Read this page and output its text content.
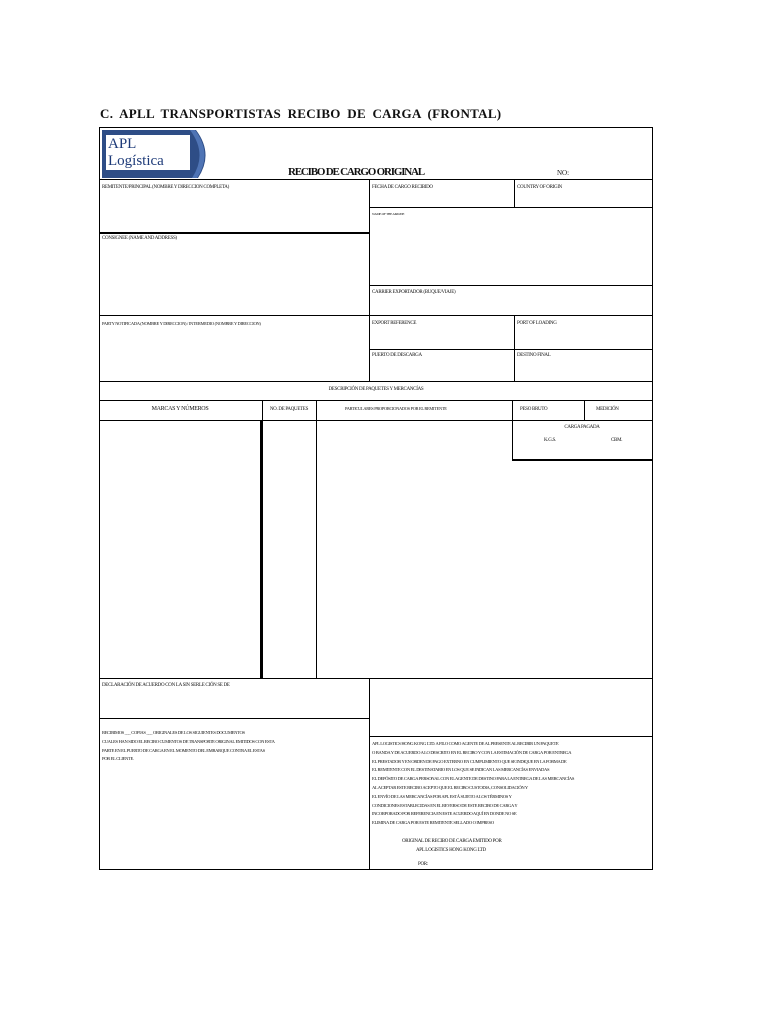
C. APLL TRANSPORTISTAS RECIBO DE CARGA (FRONTAL)
APL
Logística
RECIBO DE CARGO ORIGINAL	NO:
REMITENTE/PRINCIPAL (NOMBRE Y DIRECCION COMPLETA)	FECHA DE CARGO RECIBIDO	COUNTRY OF ORIGIN
NAME OF THE AIRLINE
CONSIGNEE (NAME AND ADDRESS)
CARRIER EXPORTADOR (BUQUE/VIAJE)
PARTY NOTIFICADA (NOMBRE Y DIRECCION) / INTERMEDIO (NOMBRE Y DIRECCION)	EXPORT REFERENCE	PORT OF LOADING
PUERTO DE DESCARGA	DESTINO FINAL
DESCRIPCIÓN DE PAQUETES Y MERCANCÍAS
MARCAS Y NÚMEROS	NO. DE PAQUETES	PARTICULARES PROPORCIONADOS POR EL REMITENTE	PESO BRUTO	MEDICIÓN
CARGA PAGADA
K.G.S.	CBM.
DECLARACIÓN DE ACUERDO CON LA SIN SERLE CIÓN SE DE
RECIBIMOS ___ COPIAS ___ ORIGINALES DE LOS SIGUIENTES DOCUMENTOS
CUALES HAN SIDO EL RECIBO CUMENTOS DE TRANSPORTE ORIGINAL EMITIDOS CON ESTA
PARTE EN EL PUERTO DE CARGA EN EL MOMENTO DEL EMBARQUE CONTRA EL ESTAS
POR EL CLIENTE.
APL LOGISTICS HONG KONG LTD. A FILO COMO AGENTE DE AL PRESENTE AL RECIBIR UN PAQUETE
O BANDA Y DE ACUERDO A LO DESCRITO EN EL RECIBO Y CON LA ESTIMACIÓN DE CARGA POR ENTREGA
EL PRESTADOR Y EN ORDEN DE PAGO EXTERNO EN CUMPLIMIENTO QUE SE INDIQUE EN LA FORMA DE
EL REMITENTE CON EL DESTINATARIO EN LOS QUE SE INDICAN LAS MERCANCÍAS ENVIADAS
EL DEPÓSITO DE CARGA PERSONAL CON EL AGENTE DE DESTINO PARA LA ENTREGA DE LAS MERCANCÍAS
AL ACEPTAR ESTE RECIBO ACEPTO QUE EL RECIBO CUSTODIA, CONSOLIDACIÓN Y
EL ENVÍO DE LAS MERCANCÍAS POR APL ESTÁ SUJETO A LOS TÉRMINOS Y
CONDICIONES ESTABLECIDAS EN EL REVERSO DE ESTE RECIBO DE CARGA Y
INCORPORADO POR REFERENCIA EN ESTE ACUERDO AQUÍ EN DONDE NO SE
ELIMINA DE CARGA POR ESTE REMITENTE SELLADO O IMPRESO
ORIGINAL DE RECIBO DE CARGA EMITIDO POR
APL LOGISTICS HONG KONG LTD
POR:
